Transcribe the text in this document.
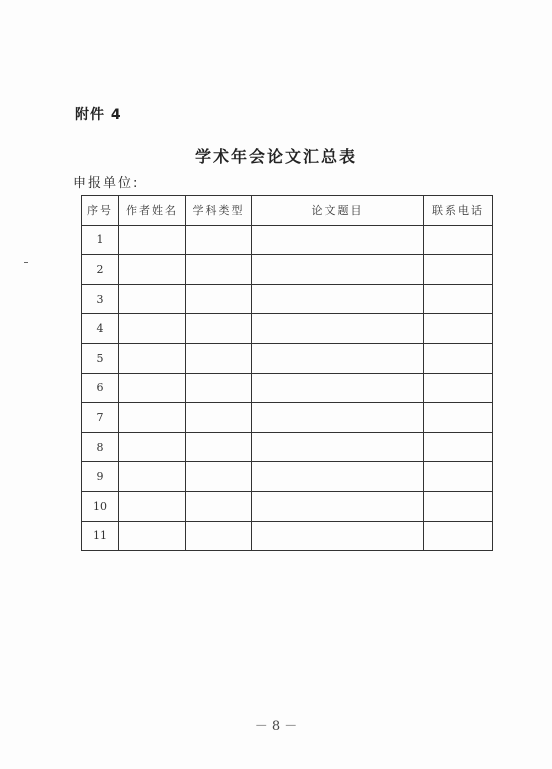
附件 4
学术年会论文汇总表
申报单位:
序号	作者姓名	学科类型	论文题目	联系电话
1				
2				
3				
4				
5				
6				
7				
8				
9				
10				
11				
－ 8 －
